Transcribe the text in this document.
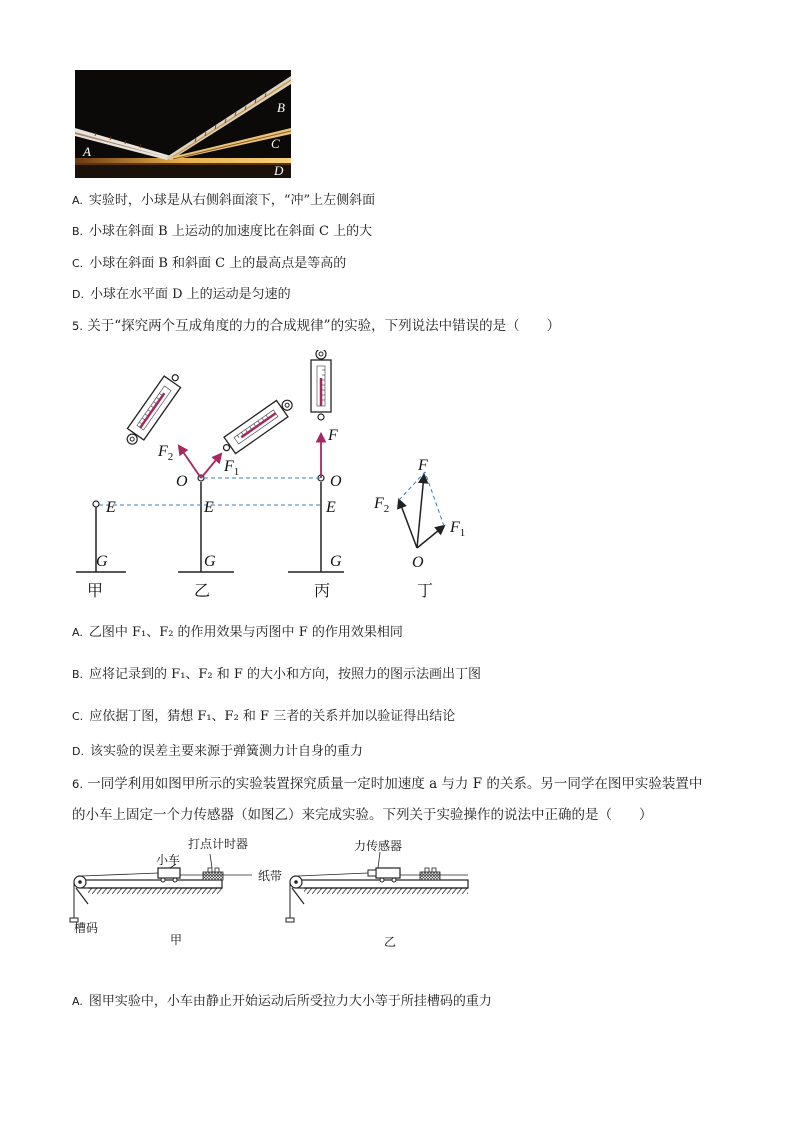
B
C
A
D
A. 实验时，小球是从右侧斜面滚下，“冲”上左侧斜面
B. 小球在斜面 B 上运动的加速度比在斜面 C 上的大
C. 小球在斜面 B 和斜面 C 上的最高点是等高的
D. 小球在水平面 D 上的运动是匀速的
5. 关于“探究两个互成角度的力的合成规律”的实验，下列说法中错误的是（　　）
E
G
E
G
E
G
O	O
F
$F_2$
$F_1$	F
$F_2$
$F_1$
O
甲	乙	丙	丁
A. 乙图中 F₁、F₂ 的作用效果与丙图中 F 的作用效果相同
B. 应将记录到的 F₁、F₂ 和 F 的大小和方向，按照力的图示法画出丁图
C. 应依据丁图，猜想 F₁、F₂ 和 F 三者的关系并加以验证得出结论
D. 该实验的误差主要来源于弹簧测力计自身的重力
6. 一同学利用如图甲所示的实验装置探究质量一定时加速度 a 与力 F 的关系。另一同学在图甲实验装置中
的小车上固定一个力传感器（如图乙）来完成实验。下列关于实验操作的说法中正确的是（　　）
打点计时器
小车
纸带
槽码
力传感器
甲	乙
A. 图甲实验中，小车由静止开始运动后所受拉力大小等于所挂槽码的重力
